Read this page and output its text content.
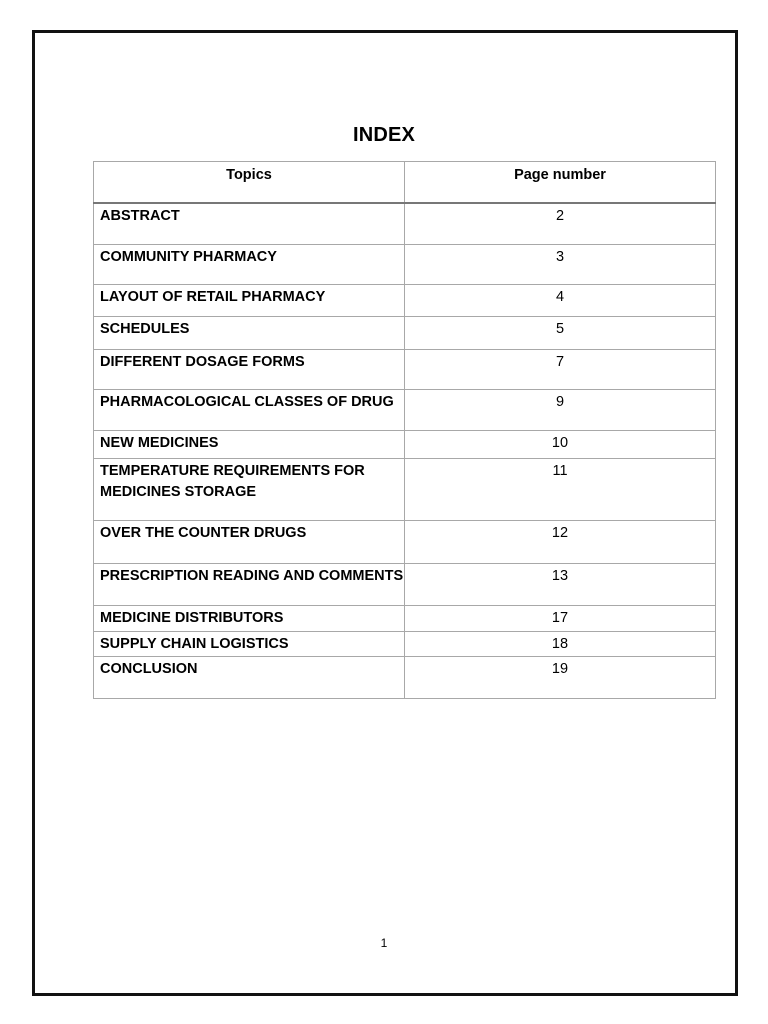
INDEX
Topics	Page number
ABSTRACT	2
COMMUNITY PHARMACY	3
LAYOUT OF RETAIL PHARMACY	4
SCHEDULES	5
DIFFERENT DOSAGE FORMS	7
PHARMACOLOGICAL CLASSES OF DRUG	9
NEW MEDICINES	10
TEMPERATURE REQUIREMENTS FOR MEDICINES STORAGE	11
OVER THE COUNTER DRUGS	12
PRESCRIPTION READING AND COMMENTS	13
MEDICINE DISTRIBUTORS	17
SUPPLY CHAIN LOGISTICS	18
CONCLUSION	19
1
